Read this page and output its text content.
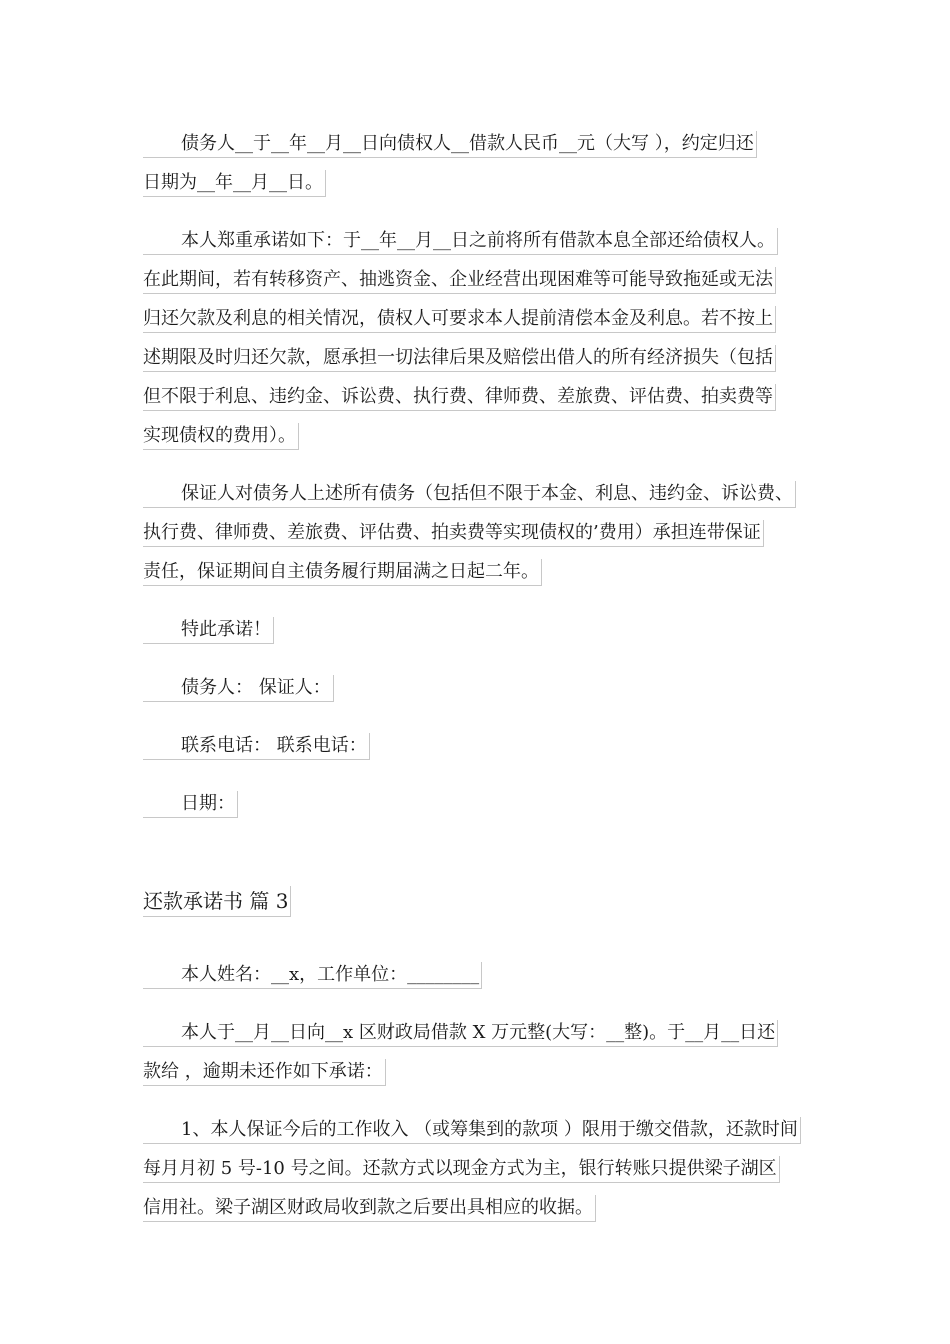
债务人__于__年__月__日向债权人__借款人民币__元（大写 ），约定归还
日期为__年__月__日。
本人郑重承诺如下：于__年__月__日之前将所有借款本息全部还给债权人。
在此期间，若有转移资产、抽逃资金、企业经营出现困难等可能导致拖延或无法
归还欠款及利息的相关情况，债权人可要求本人提前清偿本金及利息。若不按上
述期限及时归还欠款，愿承担一切法律后果及赔偿出借人的所有经济损失（包括
但不限于利息、违约金、诉讼费、执行费、律师费、差旅费、评估费、拍卖费等
实现债权的费用）。
保证人对债务人上述所有债务（包括但不限于本金、利息、违约金、诉讼费、
执行费、律师费、差旅费、评估费、拍卖费等实现债权的’费用）承担连带保证
责任，保证期间自主债务履行期届满之日起二年。
特此承诺！
债务人： 保证人：
联系电话： 联系电话：
日期：
还款承诺书 篇 3
本人姓名：__x，工作单位：________
本人于__月__日向__x 区财政局借款 X 万元整(大写：__整)。于__月__日还
款给 ，逾期未还作如下承诺：
1、本人保证今后的工作收入 （或筹集到的款项 ）限用于缴交借款，还款时间
每月月初 5 号-10 号之间。还款方式以现金方式为主，银行转账只提供梁子湖区
信用社。梁子湖区财政局收到款之后要出具相应的收据。
